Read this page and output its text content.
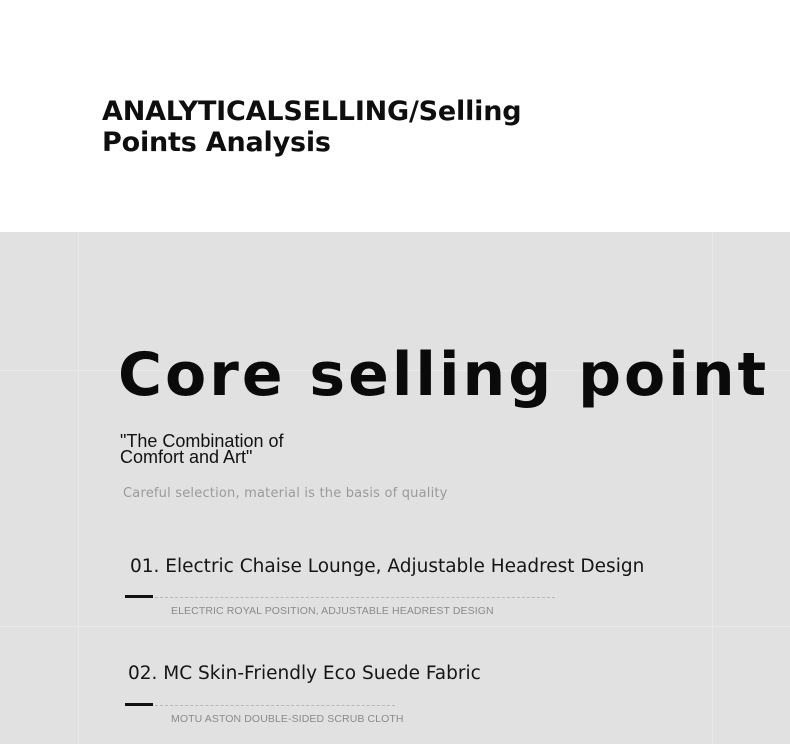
ANALYTICALSELLING/Selling Points Analysis
Core selling point
"The Combination of
Comfort and Art"
Careful selection, material is the basis of quality
01. Electric Chaise Lounge, Adjustable Headrest Design
ELECTRIC ROYAL POSITION, ADJUSTABLE HEADREST DESIGN
02. MC Skin-Friendly Eco Suede Fabric
MOTU ASTON DOUBLE-SIDED SCRUB CLOTH
